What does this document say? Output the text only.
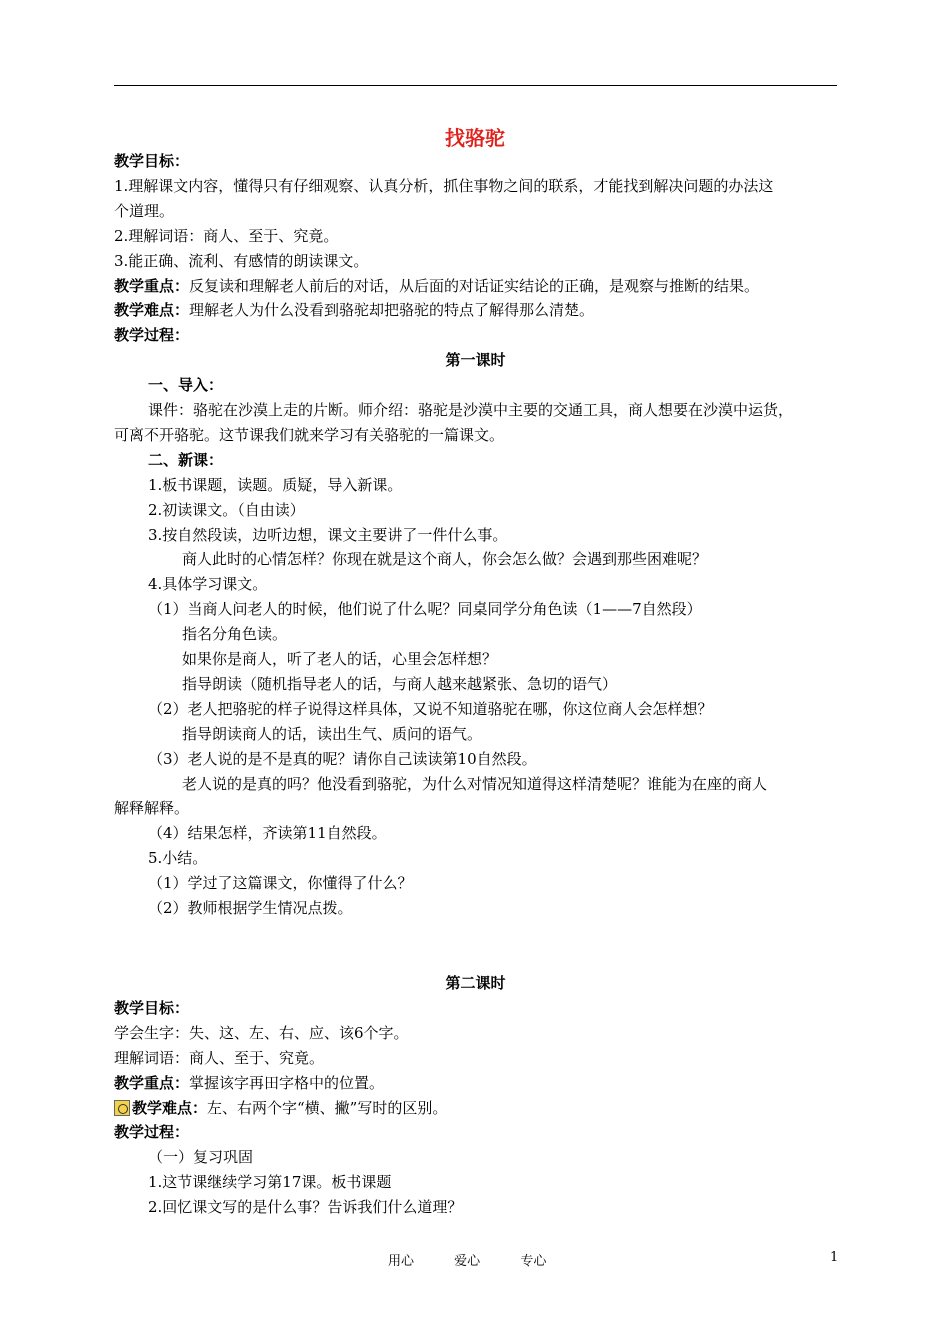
找骆驼
教学目标：
1.理解课文内容，懂得只有仔细观察、认真分析，抓住事物之间的联系，才能找到解决问题的办法这
个道理。
2.理解词语：商人、至于、究竟。
3.能正确、流利、有感情的朗读课文。
教学重点：反复读和理解老人前后的对话，从后面的对话证实结论的正确，是观察与推断的结果。
教学难点：理解老人为什么没看到骆驼却把骆驼的特点了解得那么清楚。
教学过程：
第一课时
一、导入：
课件：骆驼在沙漠上走的片断。师介绍：骆驼是沙漠中主要的交通工具，商人想要在沙漠中运货，
可离不开骆驼。这节课我们就来学习有关骆驼的一篇课文。
二、新课：
1.板书课题，读题。质疑，导入新课。
2.初读课文。（自由读）
3.按自然段读，边听边想，课文主要讲了一件什么事。
商人此时的心情怎样？你现在就是这个商人，你会怎么做？会遇到那些困难呢？
4.具体学习课文。
（1）当商人问老人的时候，他们说了什么呢？同桌同学分角色读（1——7自然段）
指名分角色读。
如果你是商人，听了老人的话，心里会怎样想？
指导朗读（随机指导老人的话，与商人越来越紧张、急切的语气）
（2）老人把骆驼的样子说得这样具体，又说不知道骆驼在哪，你这位商人会怎样想？
指导朗读商人的话，读出生气、质问的语气。
（3）老人说的是不是真的呢？请你自己读读第10自然段。
老人说的是真的吗？他没看到骆驼，为什么对情况知道得这样清楚呢？谁能为在座的商人
解释解释。
（4）结果怎样，齐读第11自然段。
5.小结。
（1）学过了这篇课文，你懂得了什么？
（2）教师根据学生情况点拨。
第二课时
教学目标：
学会生字：失、这、左、右、应、该6个字。
理解词语：商人、至于、究竟。
教学重点：掌握该字再田字格中的位置。
教学难点：左、右两个字“横、撇”写时的区别。
教学过程：
（一）复习巩固
1.这节课继续学习第17课。板书课题
2.回忆课文写的是什么事？告诉我们什么道理？
用心	爱心	专心	1
